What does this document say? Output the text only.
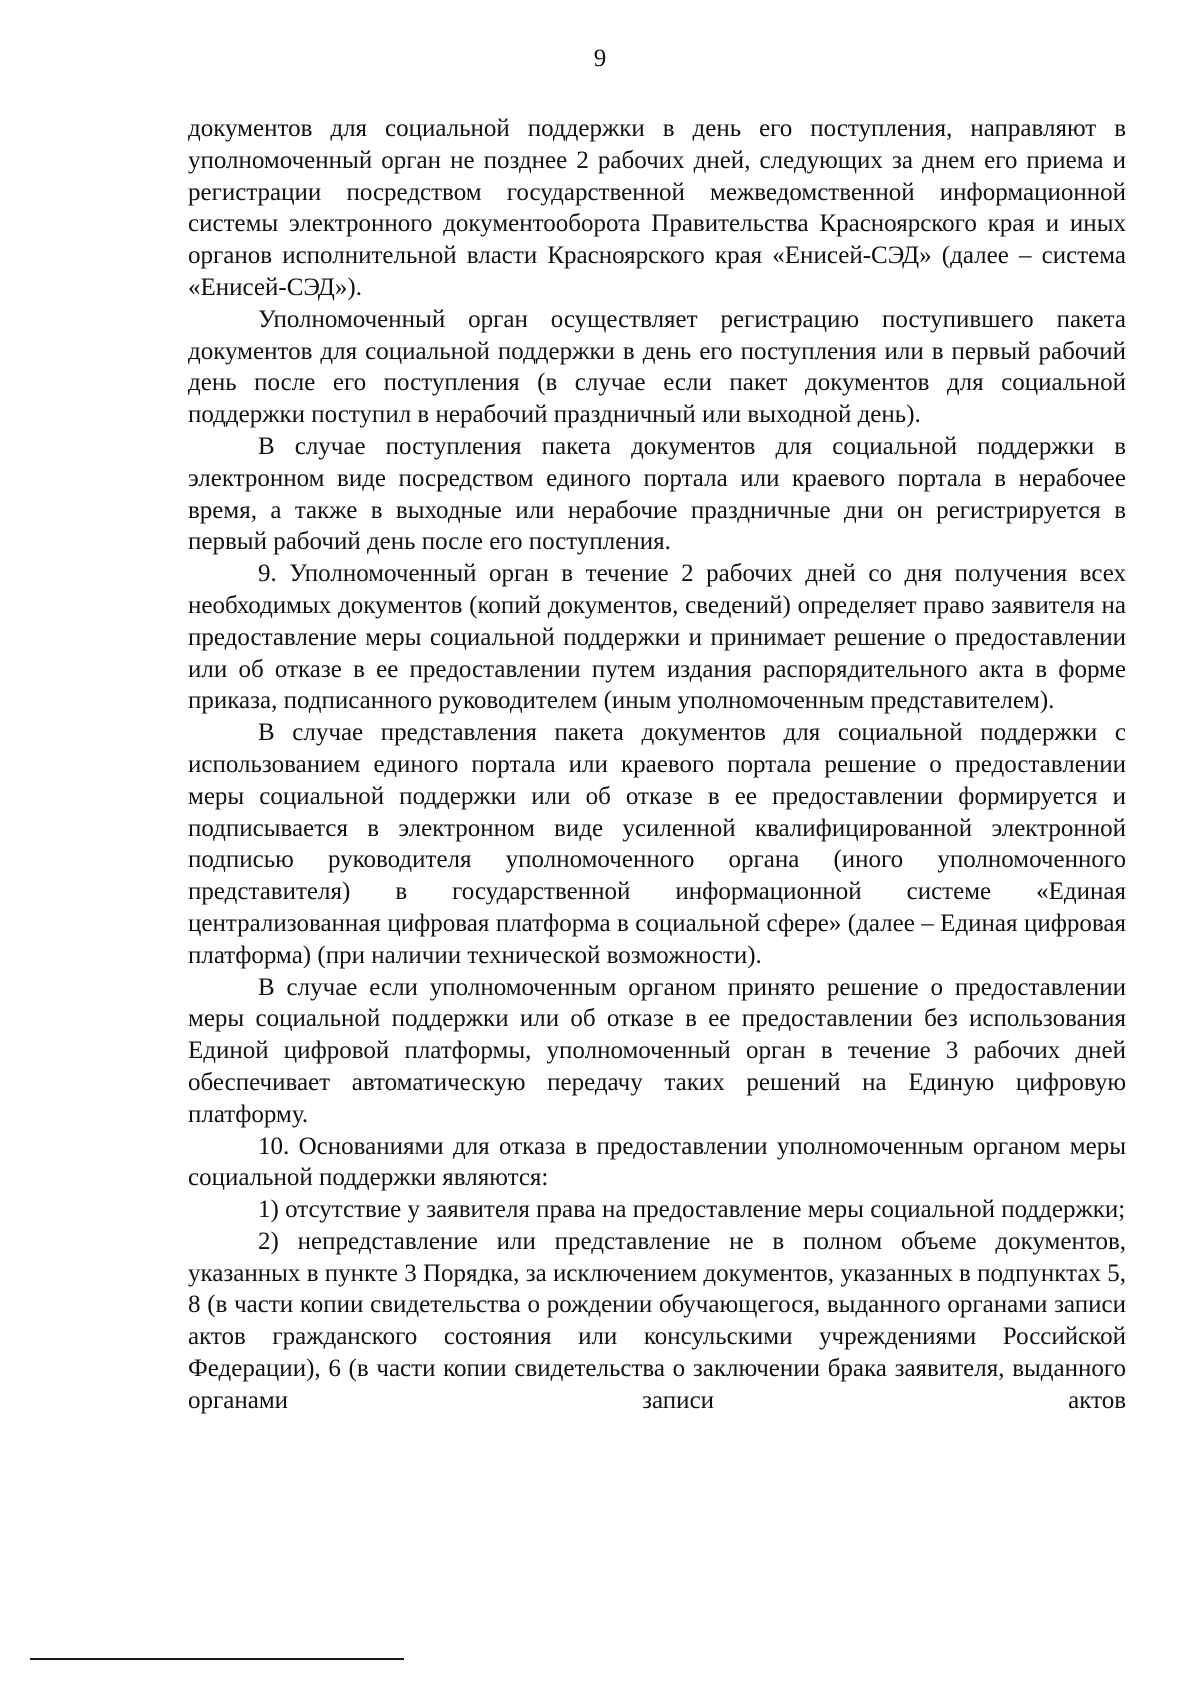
9

документов для социальной поддержки в день его поступления, направляют в уполномоченный орган не позднее 2 рабочих дней, следующих за днем его приема и регистрации посредством государственной межведомственной информационной системы электронного документооборота Правительства Красноярского края и иных органов исполнительной власти Красноярского края «Енисей-СЭД» (далее – система «Енисей-СЭД»).

Уполномоченный орган осуществляет регистрацию поступившего пакета документов для социальной поддержки в день его поступления или в первый рабочий день после его поступления (в случае если пакет документов для социальной поддержки поступил в нерабочий праздничный или выходной день).

В случае поступления пакета документов для социальной поддержки в электронном виде посредством единого портала или краевого портала в нерабочее время, а также в выходные или нерабочие праздничные дни он регистрируется в первый рабочий день после его поступления.

9. Уполномоченный орган в течение 2 рабочих дней со дня получения всех необходимых документов (копий документов, сведений) определяет право заявителя на предоставление меры социальной поддержки и принимает решение о предоставлении или об отказе в ее предоставлении путем издания распорядительного акта в форме приказа, подписанного руководителем (иным уполномоченным представителем).

В случае представления пакета документов для социальной поддержки с использованием единого портала или краевого портала решение о предоставлении меры социальной поддержки или об отказе в ее предоставлении формируется и подписывается в электронном виде усиленной квалифицированной электронной подписью руководителя уполномоченного органа (иного уполномоченного представителя) в государственной информационной системе «Единая централизованная цифровая платформа в социальной сфере» (далее – Единая цифровая платформа) (при наличии технической возможности).

В случае если уполномоченным органом принято решение о предоставлении меры социальной поддержки или об отказе в ее предоставлении без использования Единой цифровой платформы, уполномоченный орган в течение 3 рабочих дней обеспечивает автоматическую передачу таких решений на Единую цифровую платформу.

10. Основаниями для отказа в предоставлении уполномоченным органом меры социальной поддержки являются:

1) отсутствие у заявителя права на предоставление меры социальной поддержки;

2) непредставление или представление не в полном объеме документов, указанных в пункте 3 Порядка, за исключением документов, указанных в подпунктах 5, 8 (в части копии свидетельства о рождении обучающегося, выданного органами записи актов гражданского состояния или консульскими учреждениями Российской Федерации), 6 (в части копии свидетельства о заключении брака заявителя, выданного органами записи актов
